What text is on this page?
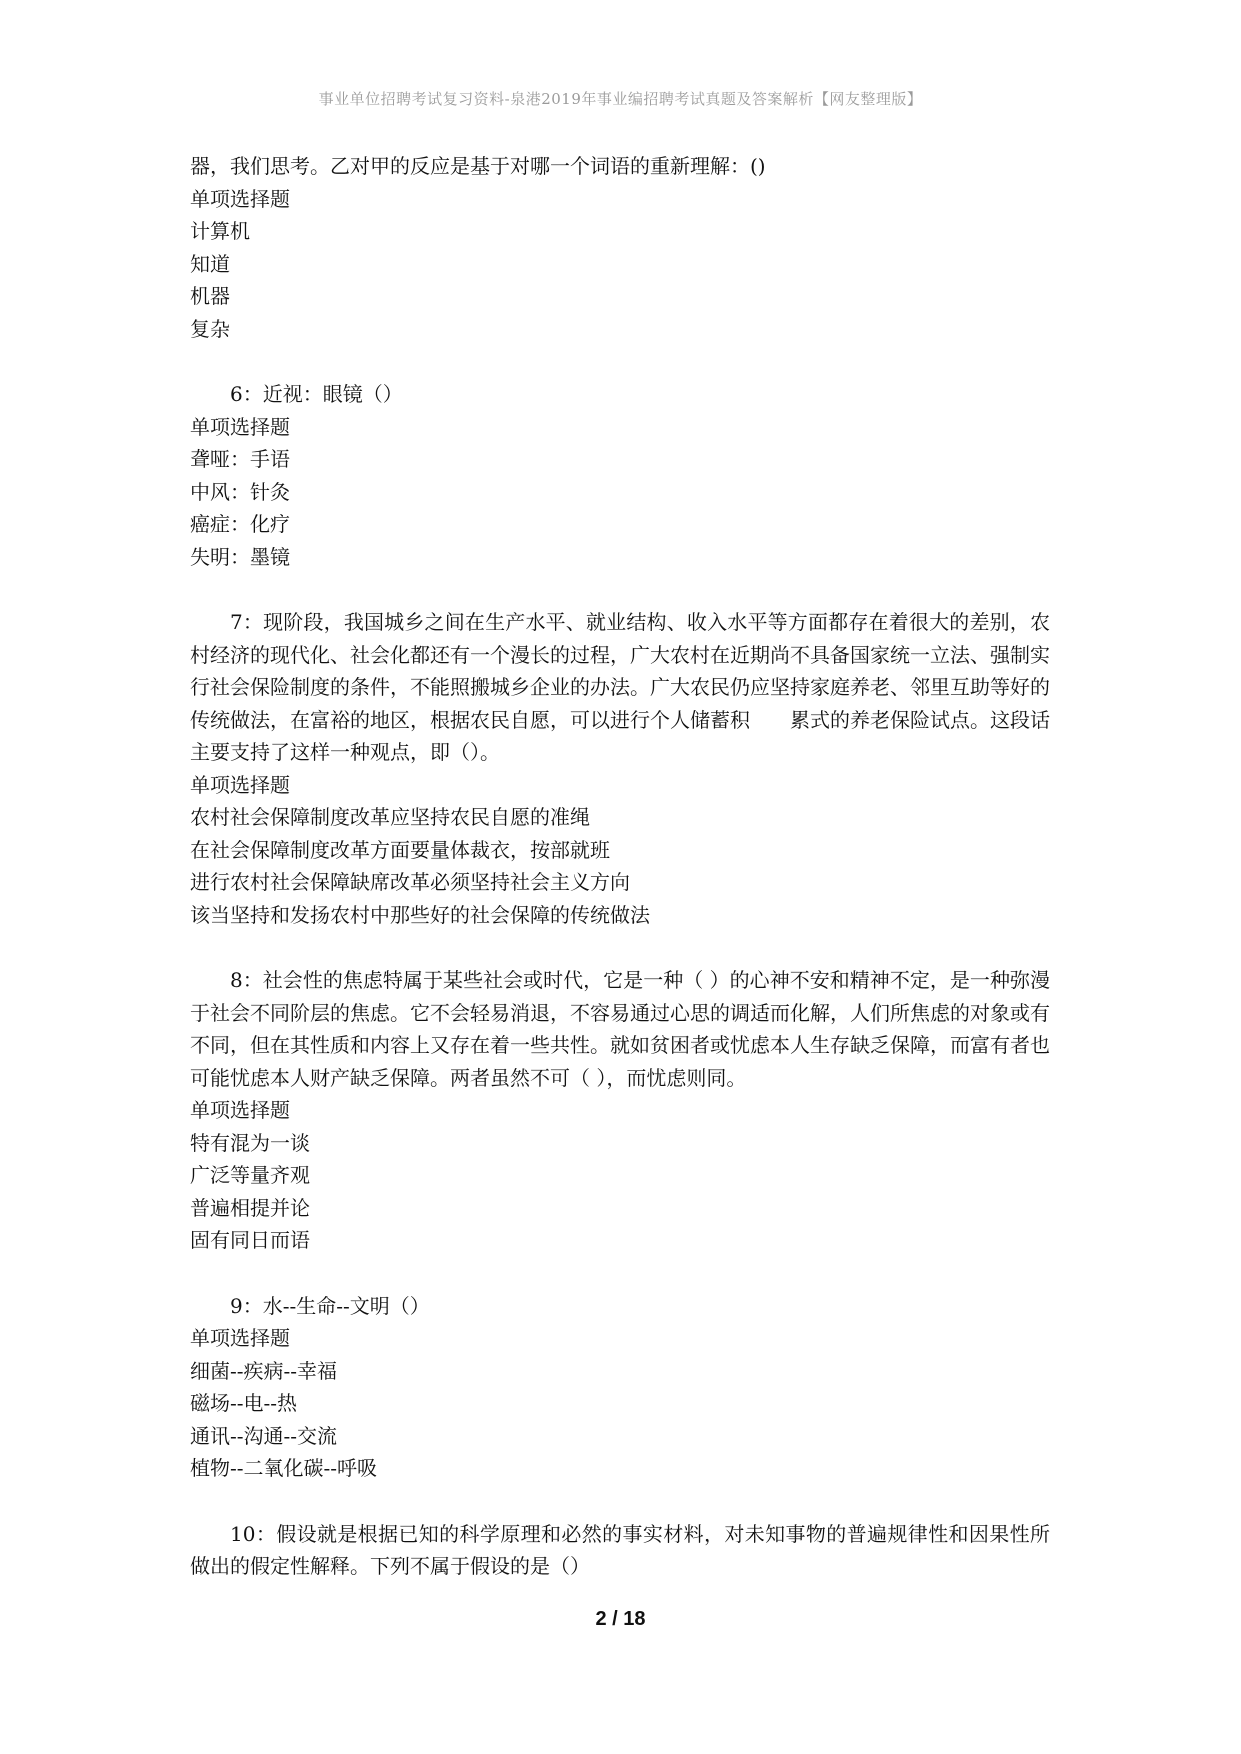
事业单位招聘考试复习资料-泉港2019年事业编招聘考试真题及答案解析【网友整理版】
器，我们思考。乙对甲的反应是基于对哪一个词语的重新理解：()
单项选择题
计算机
知道
机器
复杂
6：近视：眼镜（）
单项选择题
聋哑：手语
中风：针灸
癌症：化疗
失明：墨镜
7：现阶段，我国城乡之间在生产水平、就业结构、收入水平等方面都存在着很大的差别，农村经济的现代化、社会化都还有一个漫长的过程，广大农村在近期尚不具备国家统一立法、强制实行社会保险制度的条件，不能照搬城乡企业的办法。广大农民仍应坚持家庭养老、邻里互助等好的传统做法，在富裕的地区，根据农民自愿，可以进行个人储蓄积　　累式的养老保险试点。这段话主要支持了这样一种观点，即（）。
单项选择题
农村社会保障制度改革应坚持农民自愿的准绳
在社会保障制度改革方面要量体裁衣，按部就班
进行农村社会保障缺席改革必须坚持社会主义方向
该当坚持和发扬农村中那些好的社会保障的传统做法
8：社会性的焦虑特属于某些社会或时代，它是一种（ ）的心神不安和精神不定，是一种弥漫于社会不同阶层的焦虑。它不会轻易消退，不容易通过心思的调适而化解，人们所焦虑的对象或有不同，但在其性质和内容上又存在着一些共性。就如贫困者或忧虑本人生存缺乏保障，而富有者也可能忧虑本人财产缺乏保障。两者虽然不可（ ），而忧虑则同。
单项选择题
特有混为一谈
广泛等量齐观
普遍相提并论
固有同日而语
9：水--生命--文明（）
单项选择题
细菌--疾病--幸福
磁场--电--热
通讯--沟通--交流
植物--二氧化碳--呼吸
10：假设就是根据已知的科学原理和必然的事实材料，对未知事物的普遍规律性和因果性所做出的假定性解释。下列不属于假设的是（）
2 / 18
